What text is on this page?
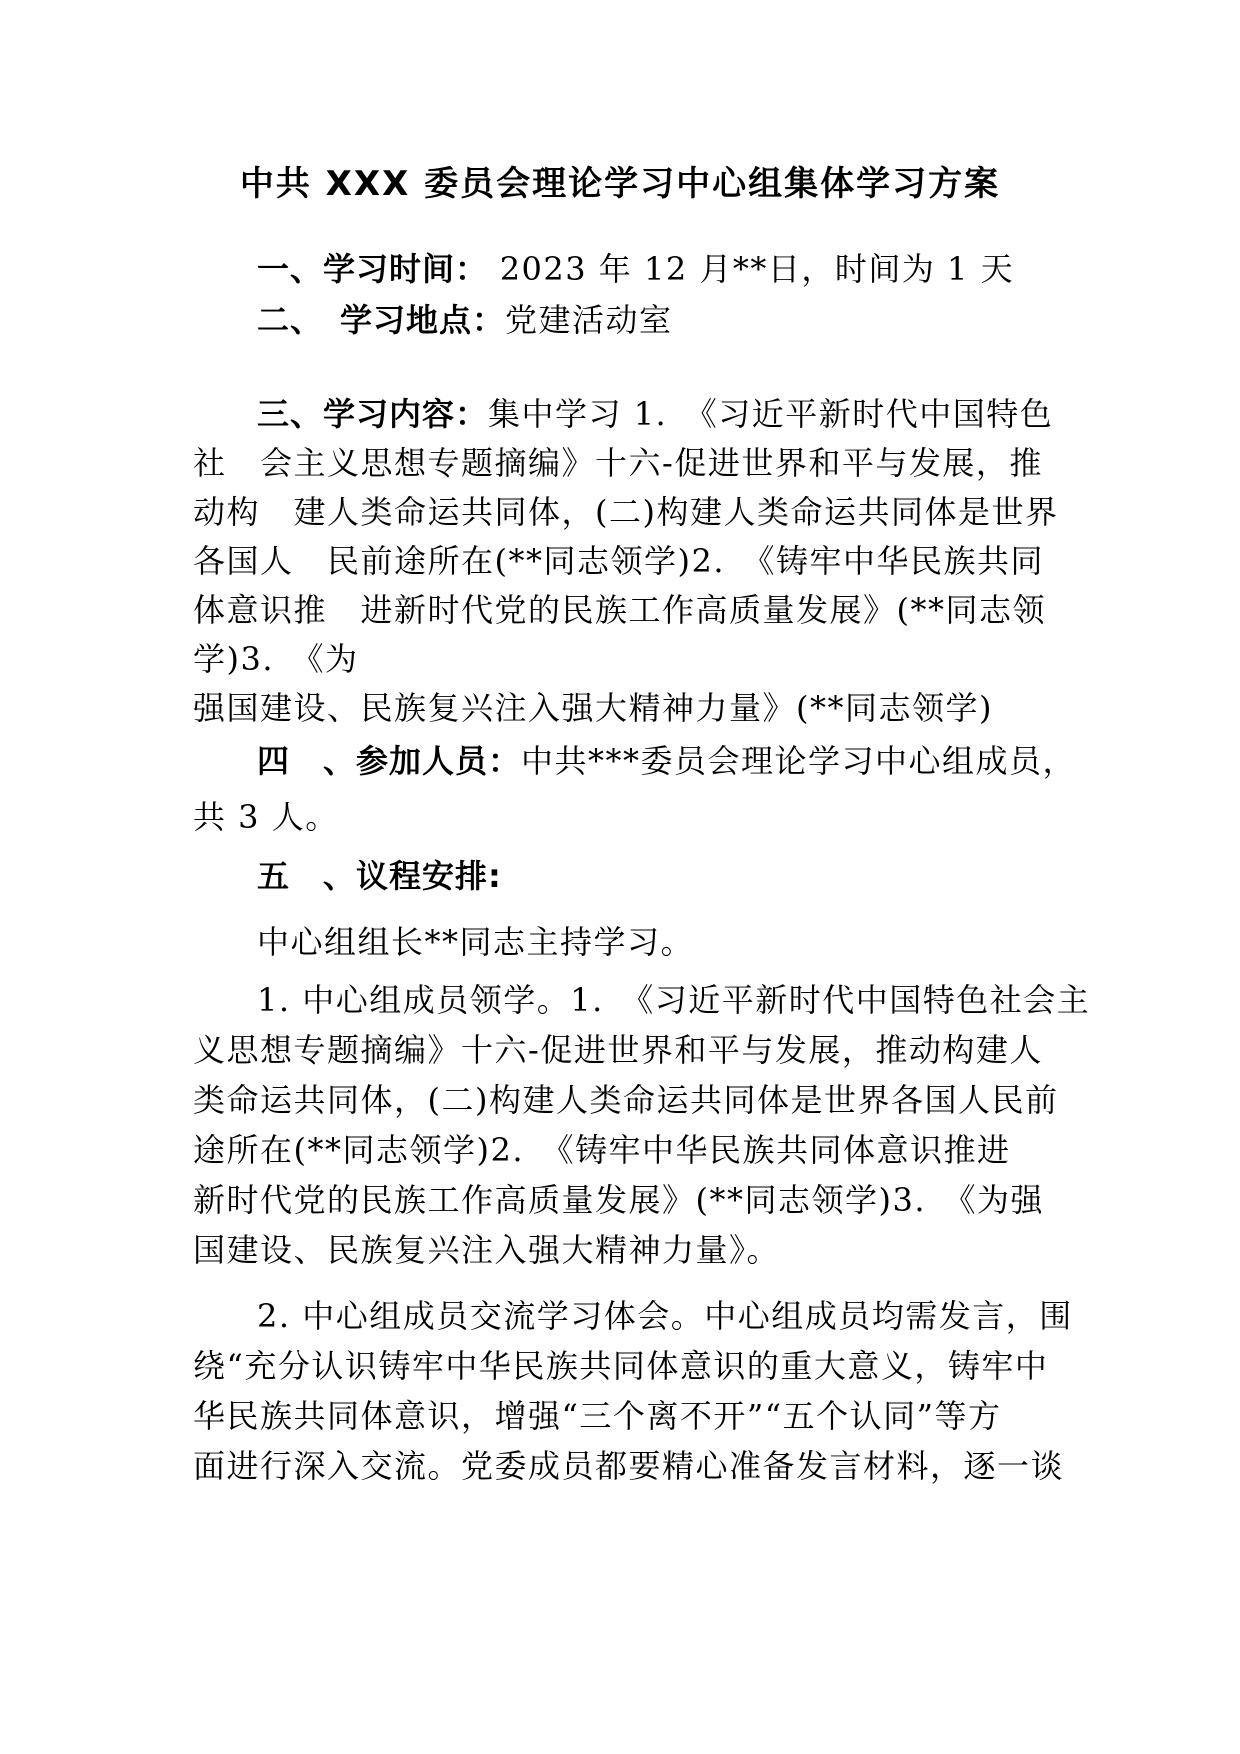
中共 XXX 委员会理论学习中心组集体学习方案
一、学习时间： 2023 年 12 月**日，时间为 1 天
二、　学习地点：党建活动室
三、学习内容：集中学习 1.　《习近平新时代中国特色
社　会主义思想专题摘编》十六-促进世界和平与发展，推
动构　建人类命运共同体，(二)构建人类命运共同体是世界
各国人　民前途所在(**同志领学)2.　《铸牢中华民族共同
体意识推　进新时代党的民族工作高质量发展》(**同志领
学)3.　《为
强国建设、民族复兴注入强大精神力量》(**同志领学)
四　、参加人员：中共***委员会理论学习中心组成员，
共 3 人。
五　、议程安排:
中心组组长**同志主持学习。
1. 中心组成员领学。1.　《习近平新时代中国特色社会主
义思想专题摘编》十六-促进世界和平与发展，推动构建人
类命运共同体，(二)构建人类命运共同体是世界各国人民前
途所在(**同志领学)2.　《铸牢中华民族共同体意识推进
新时代党的民族工作高质量发展》(**同志领学)3.　《为强
国建设、民族复兴注入强大精神力量》。
2. 中心组成员交流学习体会。中心组成员均需发言，围
绕“充分认识铸牢中华民族共同体意识的重大意义，铸牢中
华民族共同体意识，增强“三个离不开”“五个认同”等方
面进行深入交流。党委成员都要精心准备发言材料，逐一谈
